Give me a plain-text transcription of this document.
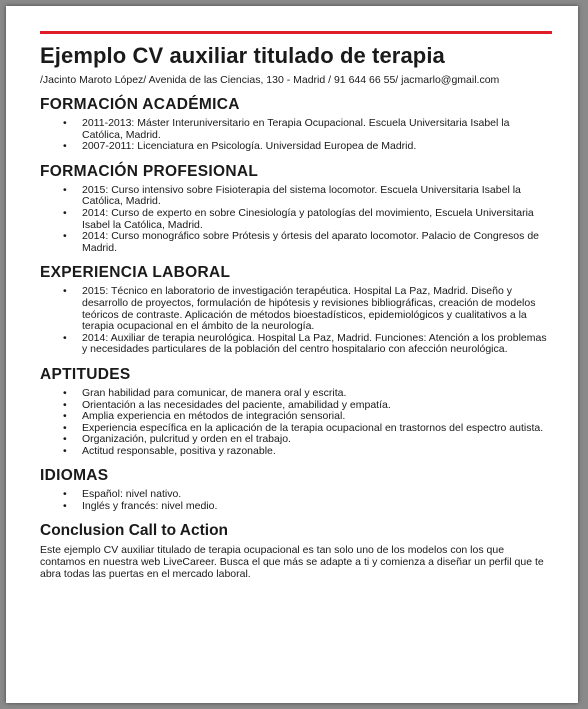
Ejemplo CV auxiliar titulado de terapia

/Jacinto Maroto López/ Avenida de las Ciencias, 130 - Madrid / 91 644 66 55/ jacmarlo@gmail.com

FORMACIÓN ACADÉMICA
• 2011-2013: Máster Interuniversitario en Terapia Ocupacional. Escuela Universitaria Isabel la Católica, Madrid.
• 2007-2011: Licenciatura en Psicología. Universidad Europea de Madrid.
FORMACIÓN PROFESIONAL
• 2015: Curso intensivo sobre Fisioterapia del sistema locomotor. Escuela Universitaria Isabel la Católica, Madrid.
• 2014: Curso de experto en sobre Cinesiología y patologías del movimiento, Escuela Universitaria Isabel la Católica, Madrid.
• 2014: Curso monográfico sobre Prótesis y órtesis del aparato locomotor. Palacio de Congresos de Madrid.
EXPERIENCIA LABORAL
• 2015: Técnico en laboratorio de investigación terapéutica. Hospital La Paz, Madrid. Diseño y desarrollo de proyectos, formulación de hipótesis y revisiones bibliográficas, creación de modelos teóricos de contraste. Aplicación de métodos bioestadísticos, epidemiológicos y cualitativos a la terapia ocupacional en el ámbito de la neurología.
• 2014: Auxiliar de terapia neurológica. Hospital La Paz, Madrid. Funciones: Atención a los problemas y necesidades particulares de la población del centro hospitalario con afección neurológica.
APTITUDES
• Gran habilidad para comunicar, de manera oral y escrita.
• Orientación a las necesidades del paciente, amabilidad y empatía.
• Amplia experiencia en métodos de integración sensorial.
• Experiencia específica en la aplicación de la terapia ocupacional en trastornos del espectro autista.
• Organización, pulcritud y orden en el trabajo.
• Actitud responsable, positiva y razonable.
IDIOMAS
• Español: nivel nativo.
• Inglés y francés: nivel medio.
Conclusion Call to Action

Este ejemplo CV auxiliar titulado de terapia ocupacional es tan solo uno de los modelos con los que contamos en nuestra web LiveCareer. Busca el que más se adapte a ti y comienza a diseñar un perfil que te abra todas las puertas en el mercado laboral.
